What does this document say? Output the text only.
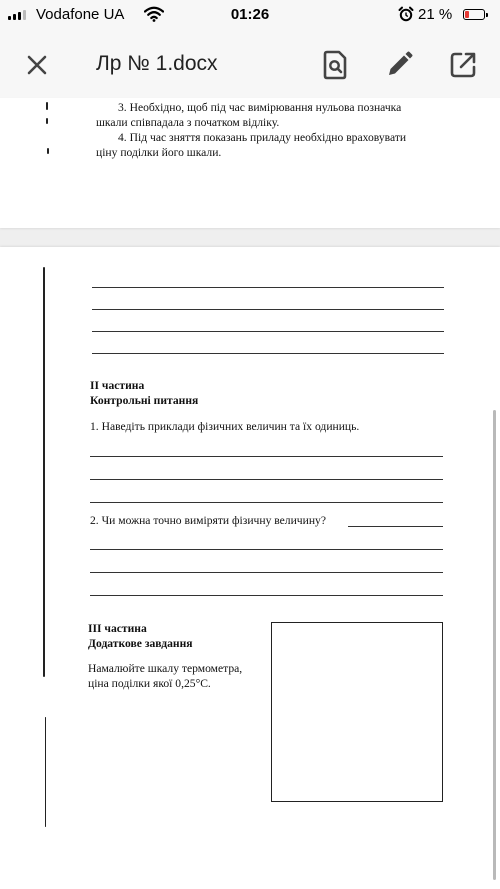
Vodafone UA	01:26	21 %
Лр № 1.docx
3. Необхідно, щоб під час вимірювання нульова позначка
шкали співпадала з початком відліку.
4. Під час зняття показань приладу необхідно враховувати
ціну поділки його шкали.
ІІ частина
Контрольні питання
1. Наведіть приклади фізичних величин та їх одиниць.
2. Чи можна точно виміряти фізичну величину?
ІІІ частина
Додаткове завдання
Намалюйте шкалу термометра,
ціна поділки якої 0,25°С.
